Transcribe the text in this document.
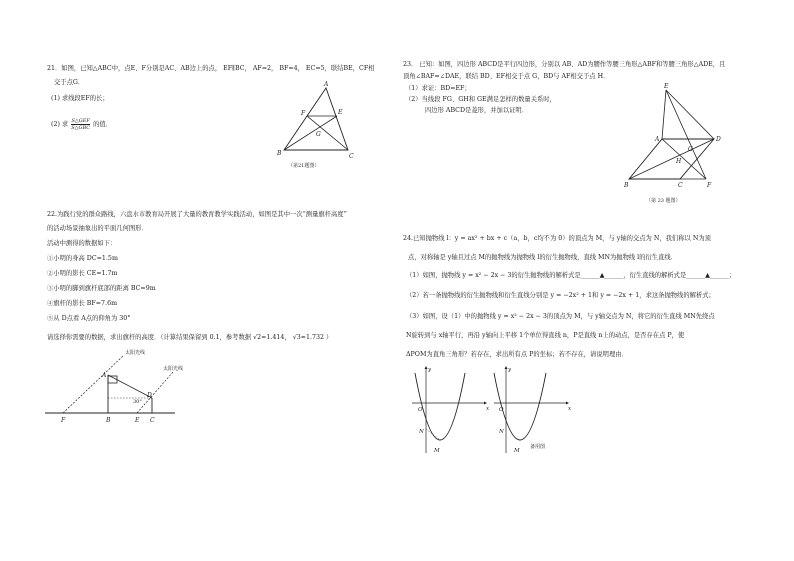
21．如图，已知△ABC中，点E、F分别是AC、AB边上的点， EF∥BC， AF=2， BF=4， EC=5，联结BE，CF相
交于点G．
(1) 求线段EF的长；
(2) 求 S△GEF
S△GBC 的值．
A
B	C
E
F
G
（第21题图）
22.为践行党的群众路线，六盘水市教育局开展了大量的教育教学实践活动，如图是其中一次“测量旗杆高度”
的活动场景抽象出的平面几何图形．
活动中测得的数据如下：
①小明的身高 DC=1.5m
②小明的影长 CE=1.7m
③小明的脚到旗杆底部的距离 BC=9m
④旗杆的影长 BF=7.6m
⑤从 D点看 A点的仰角为 30°
请选择你需要的数据，求出旗杆的高度．（计算结果保留到 0.1，参考数据 √2≈1.414， √3≈1.732 ）
太阳光线
太阳光线
A
D
30°
F	B	E C
23． 已知：如图，四边形 ABCD是平行四边形，分别以 AB、AD为腰作等腰三角形△ABF和等腰三角形△ADE，且
顶角∠BAF=∠DAE，联结 BD、EF相交于点 G，BD与 AF相交于点 H．
（1）求证：BD=EF；
（2）当线段 FG、GH和 GE满足怎样的数量关系时，
四边形 ABCD是菱形，并加以证明．
E
A	D
G
H
B	C	F
（第 23 题图）
24.已知抛物线 l：y = ax² + bx + c（a，b，c均不为 0）的顶点为 M，与 y轴的交点为 N，我们称以 N为顶
点，对称轴是 y轴且过点 M的抛物线为抛物线 l的衍生抛物线，直线 MN为抛物线 l的衍生直线．
（1）如图，抛物线 y = x² − 2x − 3的衍生抛物线的解析式是______▲______，衍生直线的解析式是______▲______；
（2）若一条抛物线的衍生抛物线和衍生直线分别是 y = −2x² + 1和 y = −2x + 1，求这条抛物线的解析式；
（3）如图，设（1）中的抛物线 y = x² − 2x − 3的顶点为 M，与 y轴交点为 N，将它的衍生直线 MN先绕点
N旋转到与 x轴平行，再沿 y轴向上平移 1个单位得直线 n，P是直线 n上的动点，是否存在点 P，使
ΔPOM为直角三角形？若存在，求出所有点 P的坐标；若不存在，请说明理由．
y
O	x
N
M
y
O	x
N
M
备用图
